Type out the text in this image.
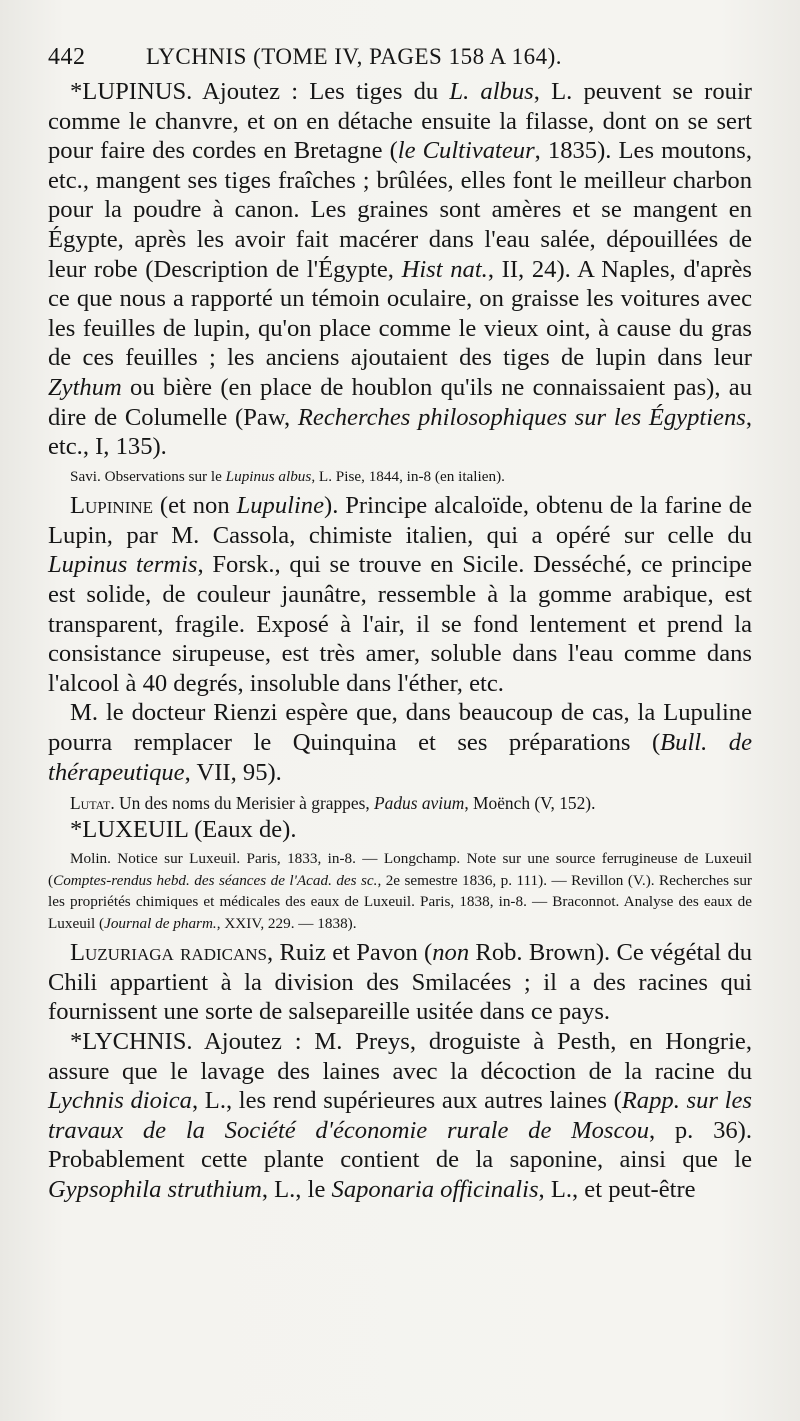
442	LYCHNIS (TOME IV, PAGES 158 A 164).

*LUPINUS. Ajoutez : Les tiges du L. albus, L. peuvent se rouir comme le chanvre, et on en détache ensuite la filasse, dont on se sert pour faire des cordes en Bretagne (le Cultivateur, 1835). Les moutons, etc., mangent ses tiges fraîches ; brûlées, elles font le meilleur charbon pour la poudre à canon. Les graines sont amères et se mangent en Égypte, après les avoir fait macérer dans l'eau salée, dépouillées de leur robe (Description de l'Égypte, Hist nat., II, 24). A Naples, d'après ce que nous a rapporté un témoin oculaire, on graisse les voitures avec les feuilles de lupin, qu'on place comme le vieux oint, à cause du gras de ces feuilles ; les anciens ajoutaient des tiges de lupin dans leur Zythum ou bière (en place de houblon qu'ils ne connaissaient pas), au dire de Columelle (Paw, Recherches philosophiques sur les Égyptiens, etc., I, 135).

Savi. Observations sur le Lupinus albus, L. Pise, 1844, in-8 (en italien).

Lupinine (et non Lupuline). Principe alcaloïde, obtenu de la farine de Lupin, par M. Cassola, chimiste italien, qui a opéré sur celle du Lupinus termis, Forsk., qui se trouve en Sicile. Desséché, ce principe est solide, de couleur jaunâtre, ressemble à la gomme arabique, est transparent, fragile. Exposé à l'air, il se fond lentement et prend la consistance sirupeuse, est très amer, soluble dans l'eau comme dans l'alcool à 40 degrés, insoluble dans l'éther, etc.

M. le docteur Rienzi espère que, dans beaucoup de cas, la Lupuline pourra remplacer le Quinquina et ses préparations (Bull. de thérapeutique, VII, 95).

Lutat. Un des noms du Merisier à grappes, Padus avium, Moënch (V, 152).

*LUXEUIL (Eaux de).

Molin. Notice sur Luxeuil. Paris, 1833, in-8. — Longchamp. Note sur une source ferrugineuse de Luxeuil (Comptes-rendus hebd. des séances de l'Acad. des sc., 2e semestre 1836, p. 111). — Revillon (V.). Recherches sur les propriétés chimiques et médicales des eaux de Luxeuil. Paris, 1838, in-8. — Braconnot. Analyse des eaux de Luxeuil (Journal de pharm., XXIV, 229. — 1838).

Luzuriaga radicans, Ruiz et Pavon (non Rob. Brown). Ce végétal du Chili appartient à la division des Smilacées ; il a des racines qui fournissent une sorte de salsepareille usitée dans ce pays.

*LYCHNIS. Ajoutez : M. Preys, droguiste à Pesth, en Hongrie, assure que le lavage des laines avec la décoction de la racine du Lychnis dioica, L., les rend supérieures aux autres laines (Rapp. sur les travaux de la Société d'économie rurale de Moscou, p. 36). Probablement cette plante contient de la saponine, ainsi que le Gypsophila struthium, L., le Saponaria officinalis, L., et peut-être
